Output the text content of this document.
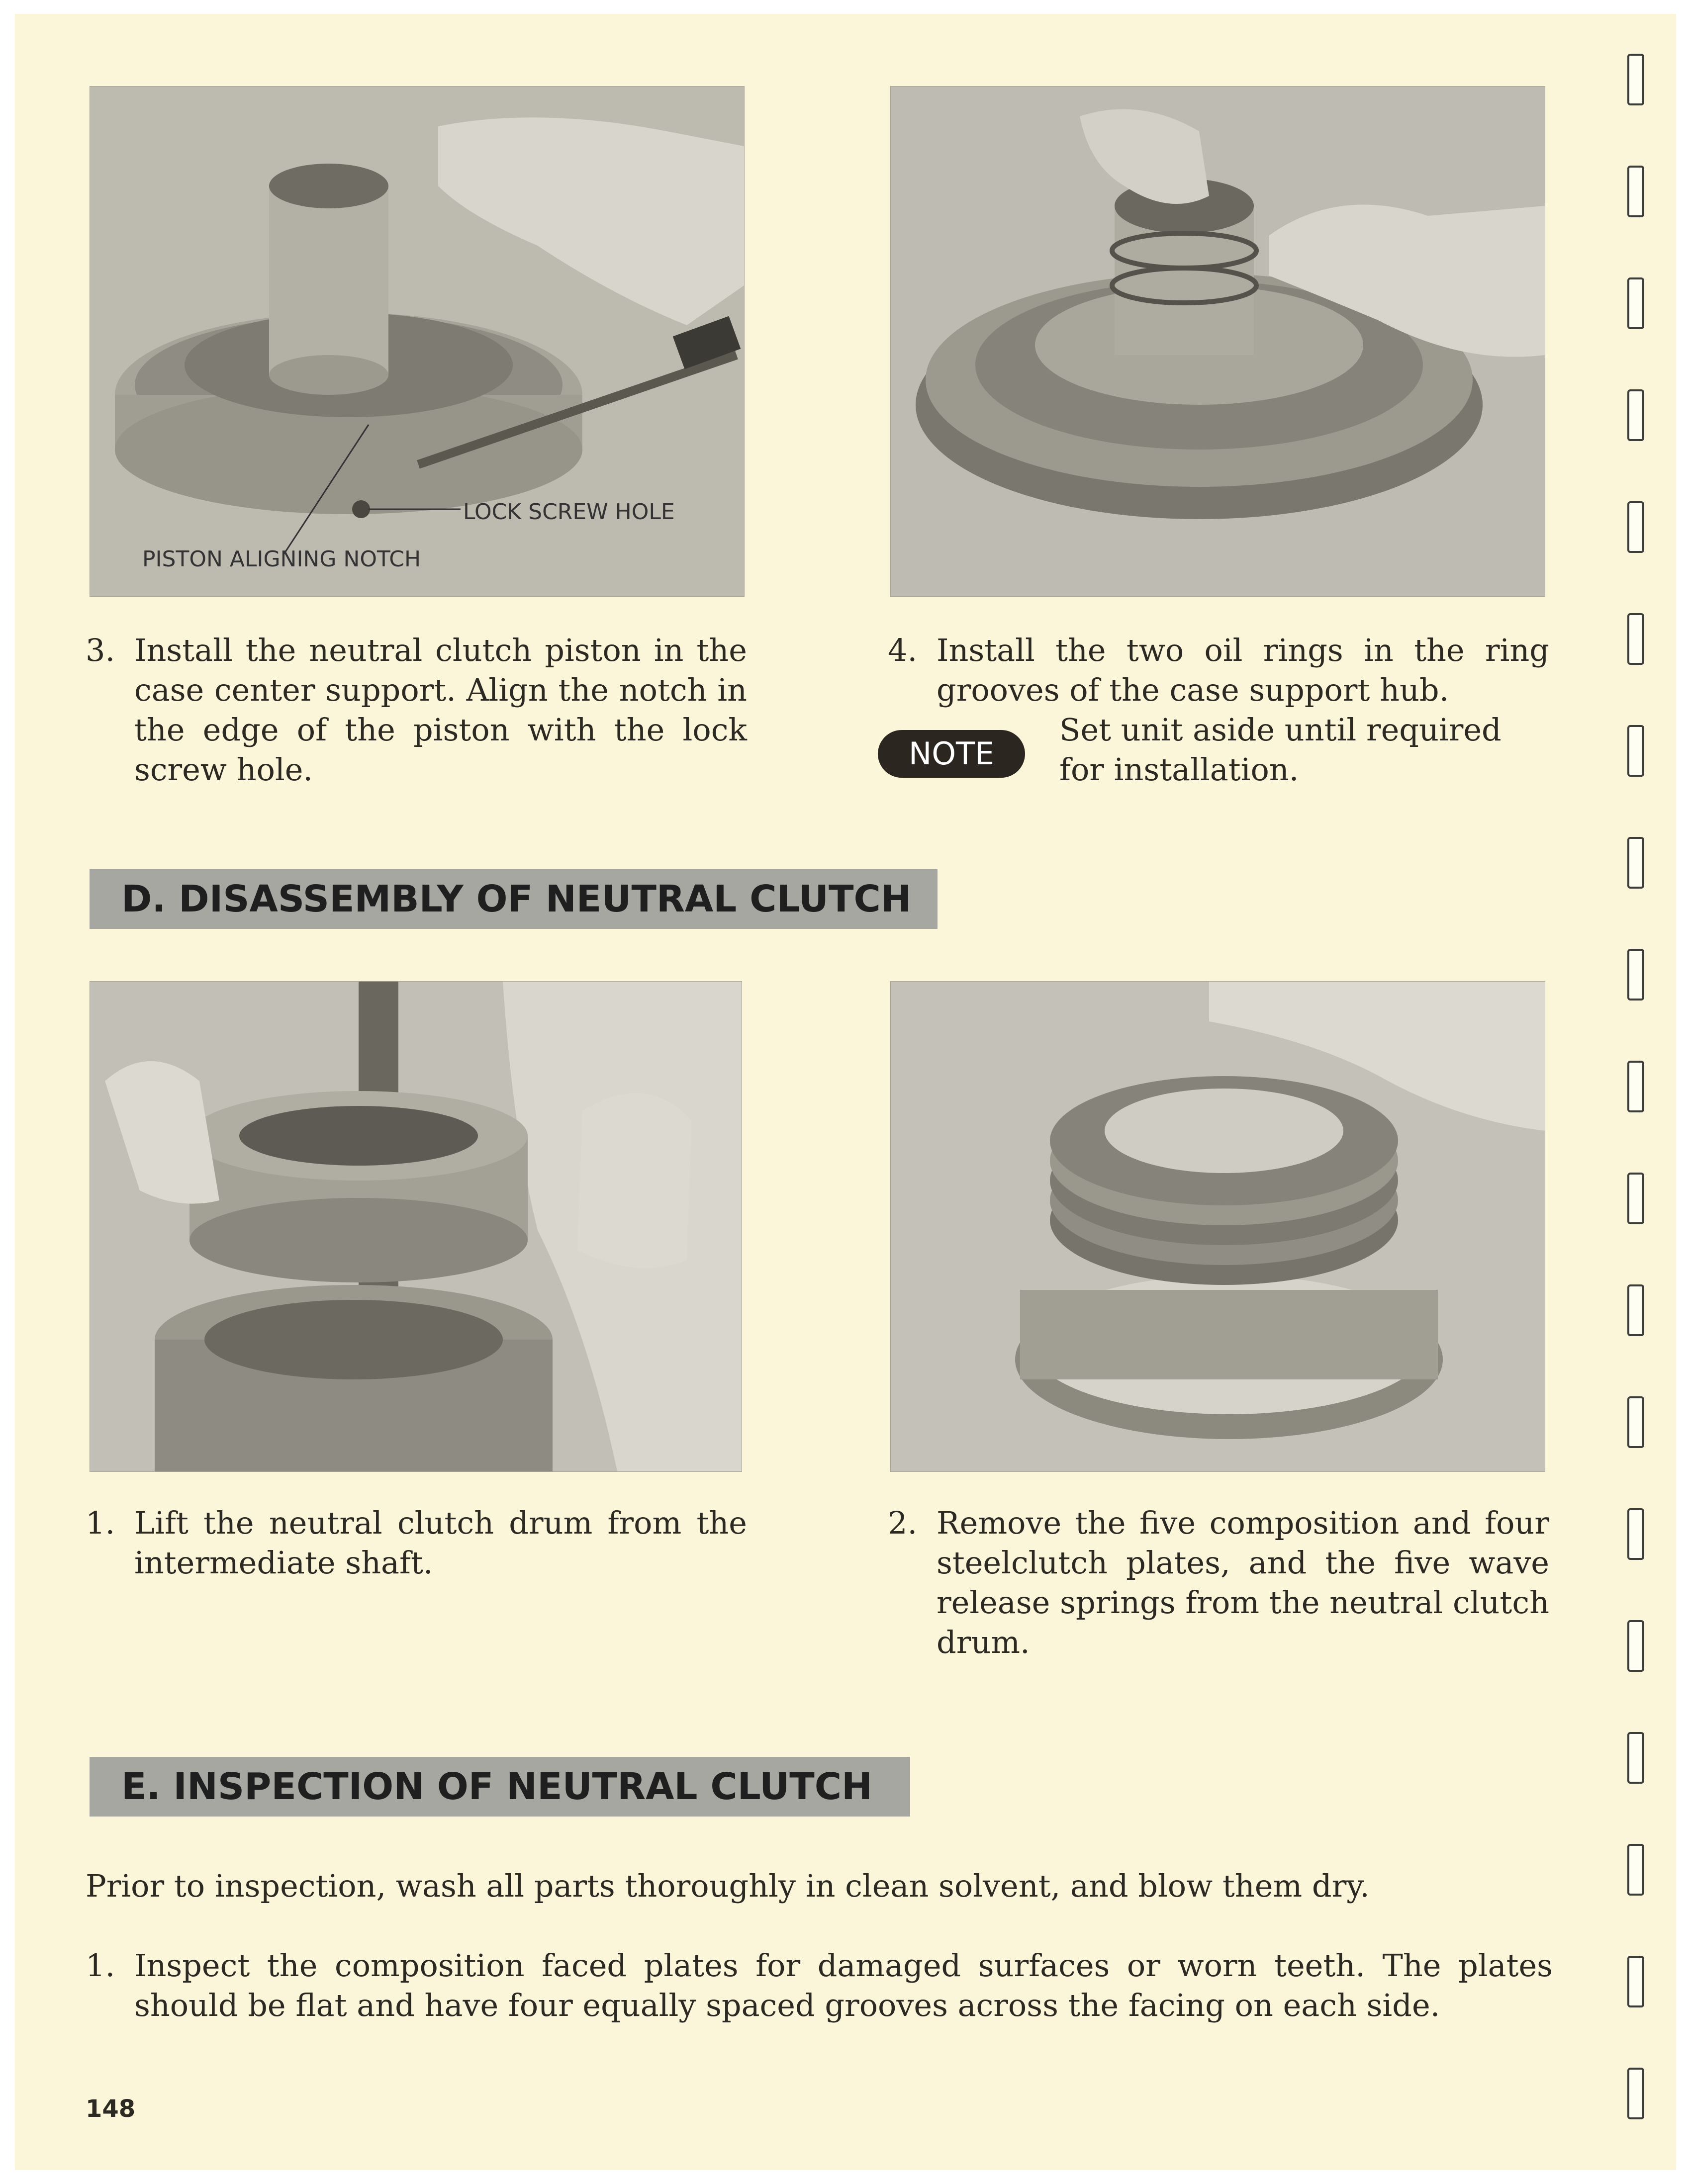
LOCK SCREW HOLE
PISTON ALIGNING NOTCH
3. Install the neutral clutch piston in the case center support. Align the notch in the edge of the piston with the lock screw hole.
4. Install the two oil rings in the ring grooves of the case support hub.
NOTE
Set unit aside until required for installation.
D. DISASSEMBLY OF NEUTRAL CLUTCH
1. Lift the neutral clutch drum from the intermediate shaft.
2. Remove the five composition and four steelclutch plates, and the five wave release springs from the neutral clutch drum.
E. INSPECTION OF NEUTRAL CLUTCH
Prior to inspection, wash all parts thoroughly in clean solvent, and blow them dry.
1. Inspect the composition faced plates for damaged surfaces or worn teeth. The plates should be flat and have four equally spaced grooves across the facing on each side.
148
